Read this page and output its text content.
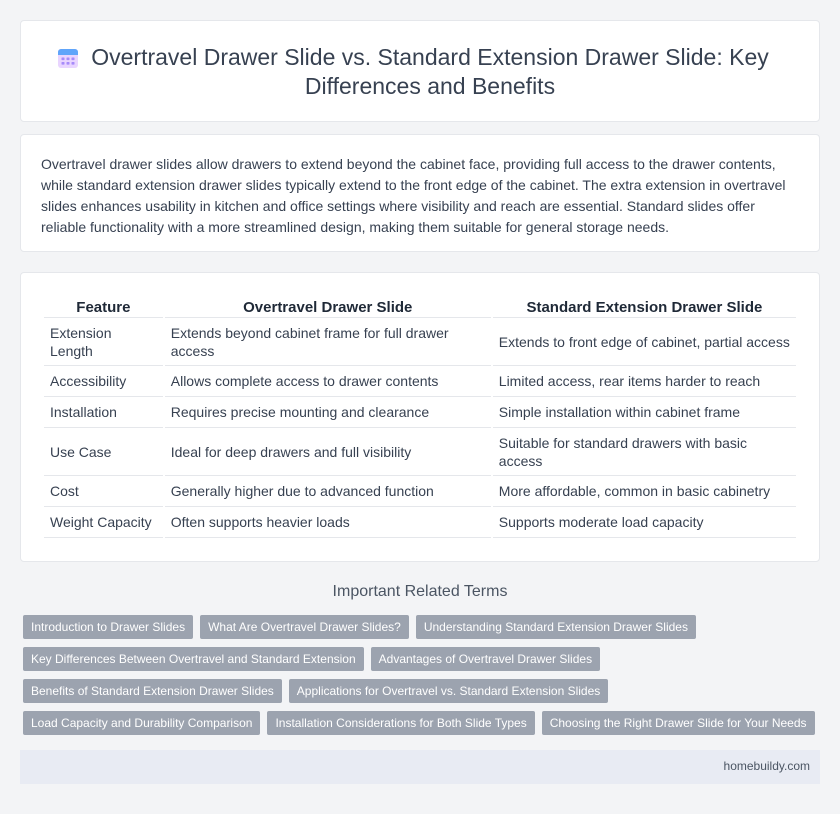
Overtravel Drawer Slide vs. Standard Extension Drawer Slide: Key Differences and Benefits

Overtravel drawer slides allow drawers to extend beyond the cabinet face, providing full access to the drawer contents, while standard extension drawer slides typically extend to the front edge of the cabinet. The extra extension in overtravel slides enhances usability in kitchen and office settings where visibility and reach are essential. Standard slides offer reliable functionality with a more streamlined design, making them suitable for general storage needs.

Feature	Overtravel Drawer Slide	Standard Extension Drawer Slide
Extension Length	Extends beyond cabinet frame for full drawer access	Extends to front edge of cabinet, partial access
Accessibility	Allows complete access to drawer contents	Limited access, rear items harder to reach
Installation	Requires precise mounting and clearance	Simple installation within cabinet frame
Use Case	Ideal for deep drawers and full visibility	Suitable for standard drawers with basic access
Cost	Generally higher due to advanced function	More affordable, common in basic cabinetry
Weight Capacity	Often supports heavier loads	Supports moderate load capacity
Important Related Terms
Introduction to Drawer Slides	What Are Overtravel Drawer Slides?	Understanding Standard Extension Drawer Slides
Key Differences Between Overtravel and Standard Extension	Advantages of Overtravel Drawer Slides
Benefits of Standard Extension Drawer Slides	Applications for Overtravel vs. Standard Extension Slides
Load Capacity and Durability Comparison	Installation Considerations for Both Slide Types	Choosing the Right Drawer Slide for Your Needs
homebuildy.com
